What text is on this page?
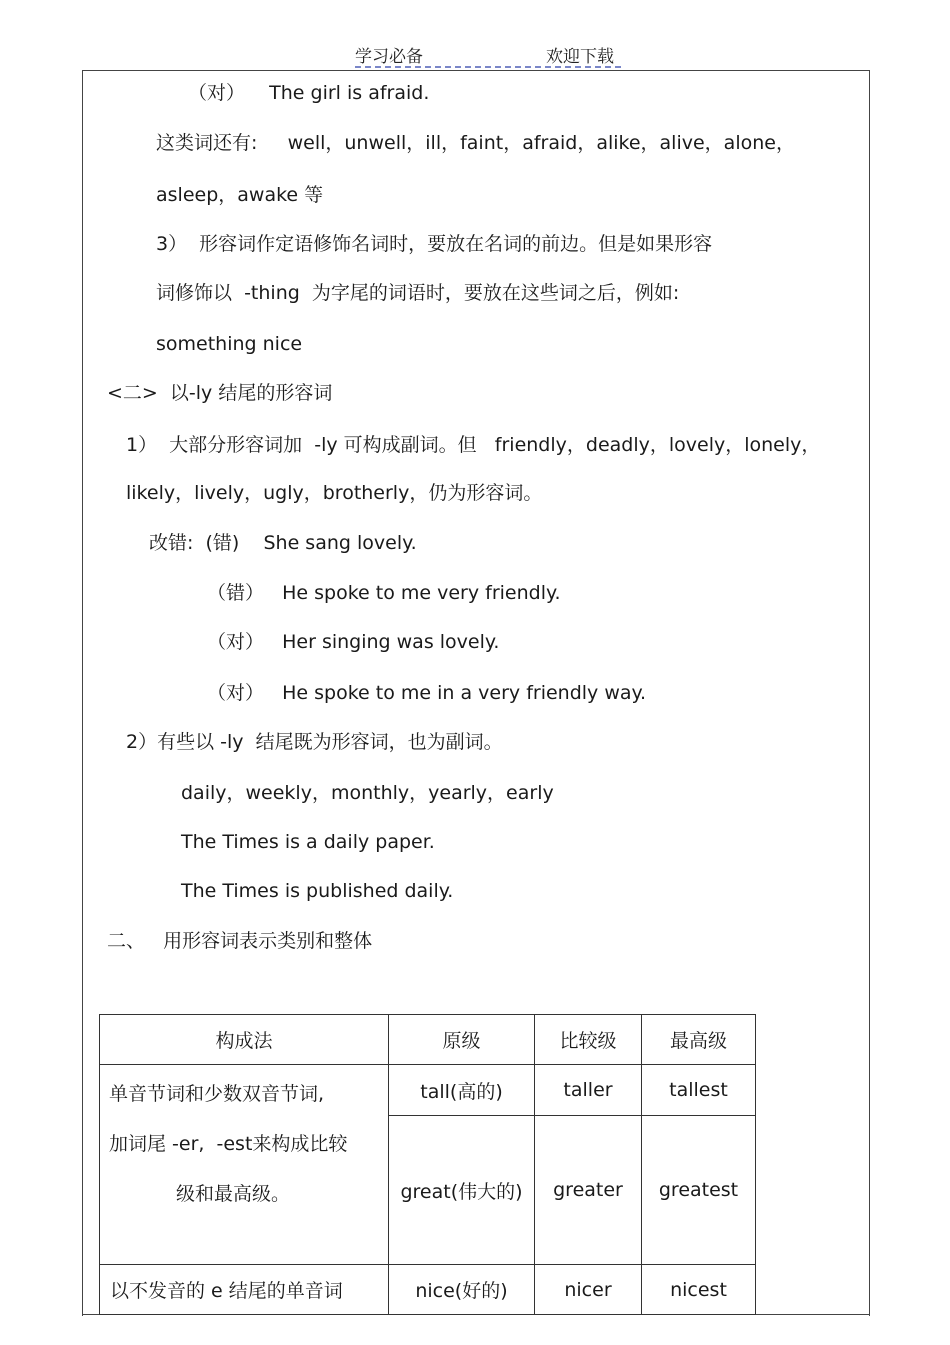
学习必备	欢迎下载
（对）    The girl is afraid.
这类词还有:     well，unwell，ill，faint，afraid，alike，alive，alone，
asleep，awake 等
3）  形容词作定语修饰名词时，要放在名词的前边。但是如果形容
词修饰以  -thing  为字尾的词语时，要放在这些词之后，例如:
something nice
<二>  以-ly 结尾的形容词
1）  大部分形容词加  -ly 可构成副词。但   friendly，deadly，lovely，lonely，
likely，lively，ugly，brotherly，仍为形容词。
改错:  (错)    She sang lovely.
（错）   He spoke to me very friendly.
（对）   Her singing was lovely.
（对）   He spoke to me in a very friendly way.
2）有些以 -ly  结尾既为形容词，也为副词。
daily，weekly，monthly，yearly，early
The Times is a daily paper.
The Times is published daily.
二、   用形容词表示类别和整体
构成法	原级	比较级	最高级

单音节词和少数双音节词,
加词尾 -er,  -est来构成比较
级和最高级。	tall(高的)	taller	tallest
	great(伟大的)	greater	greatest
以不发音的 e 结尾的单音词	nice(好的)	nicer	nicest
